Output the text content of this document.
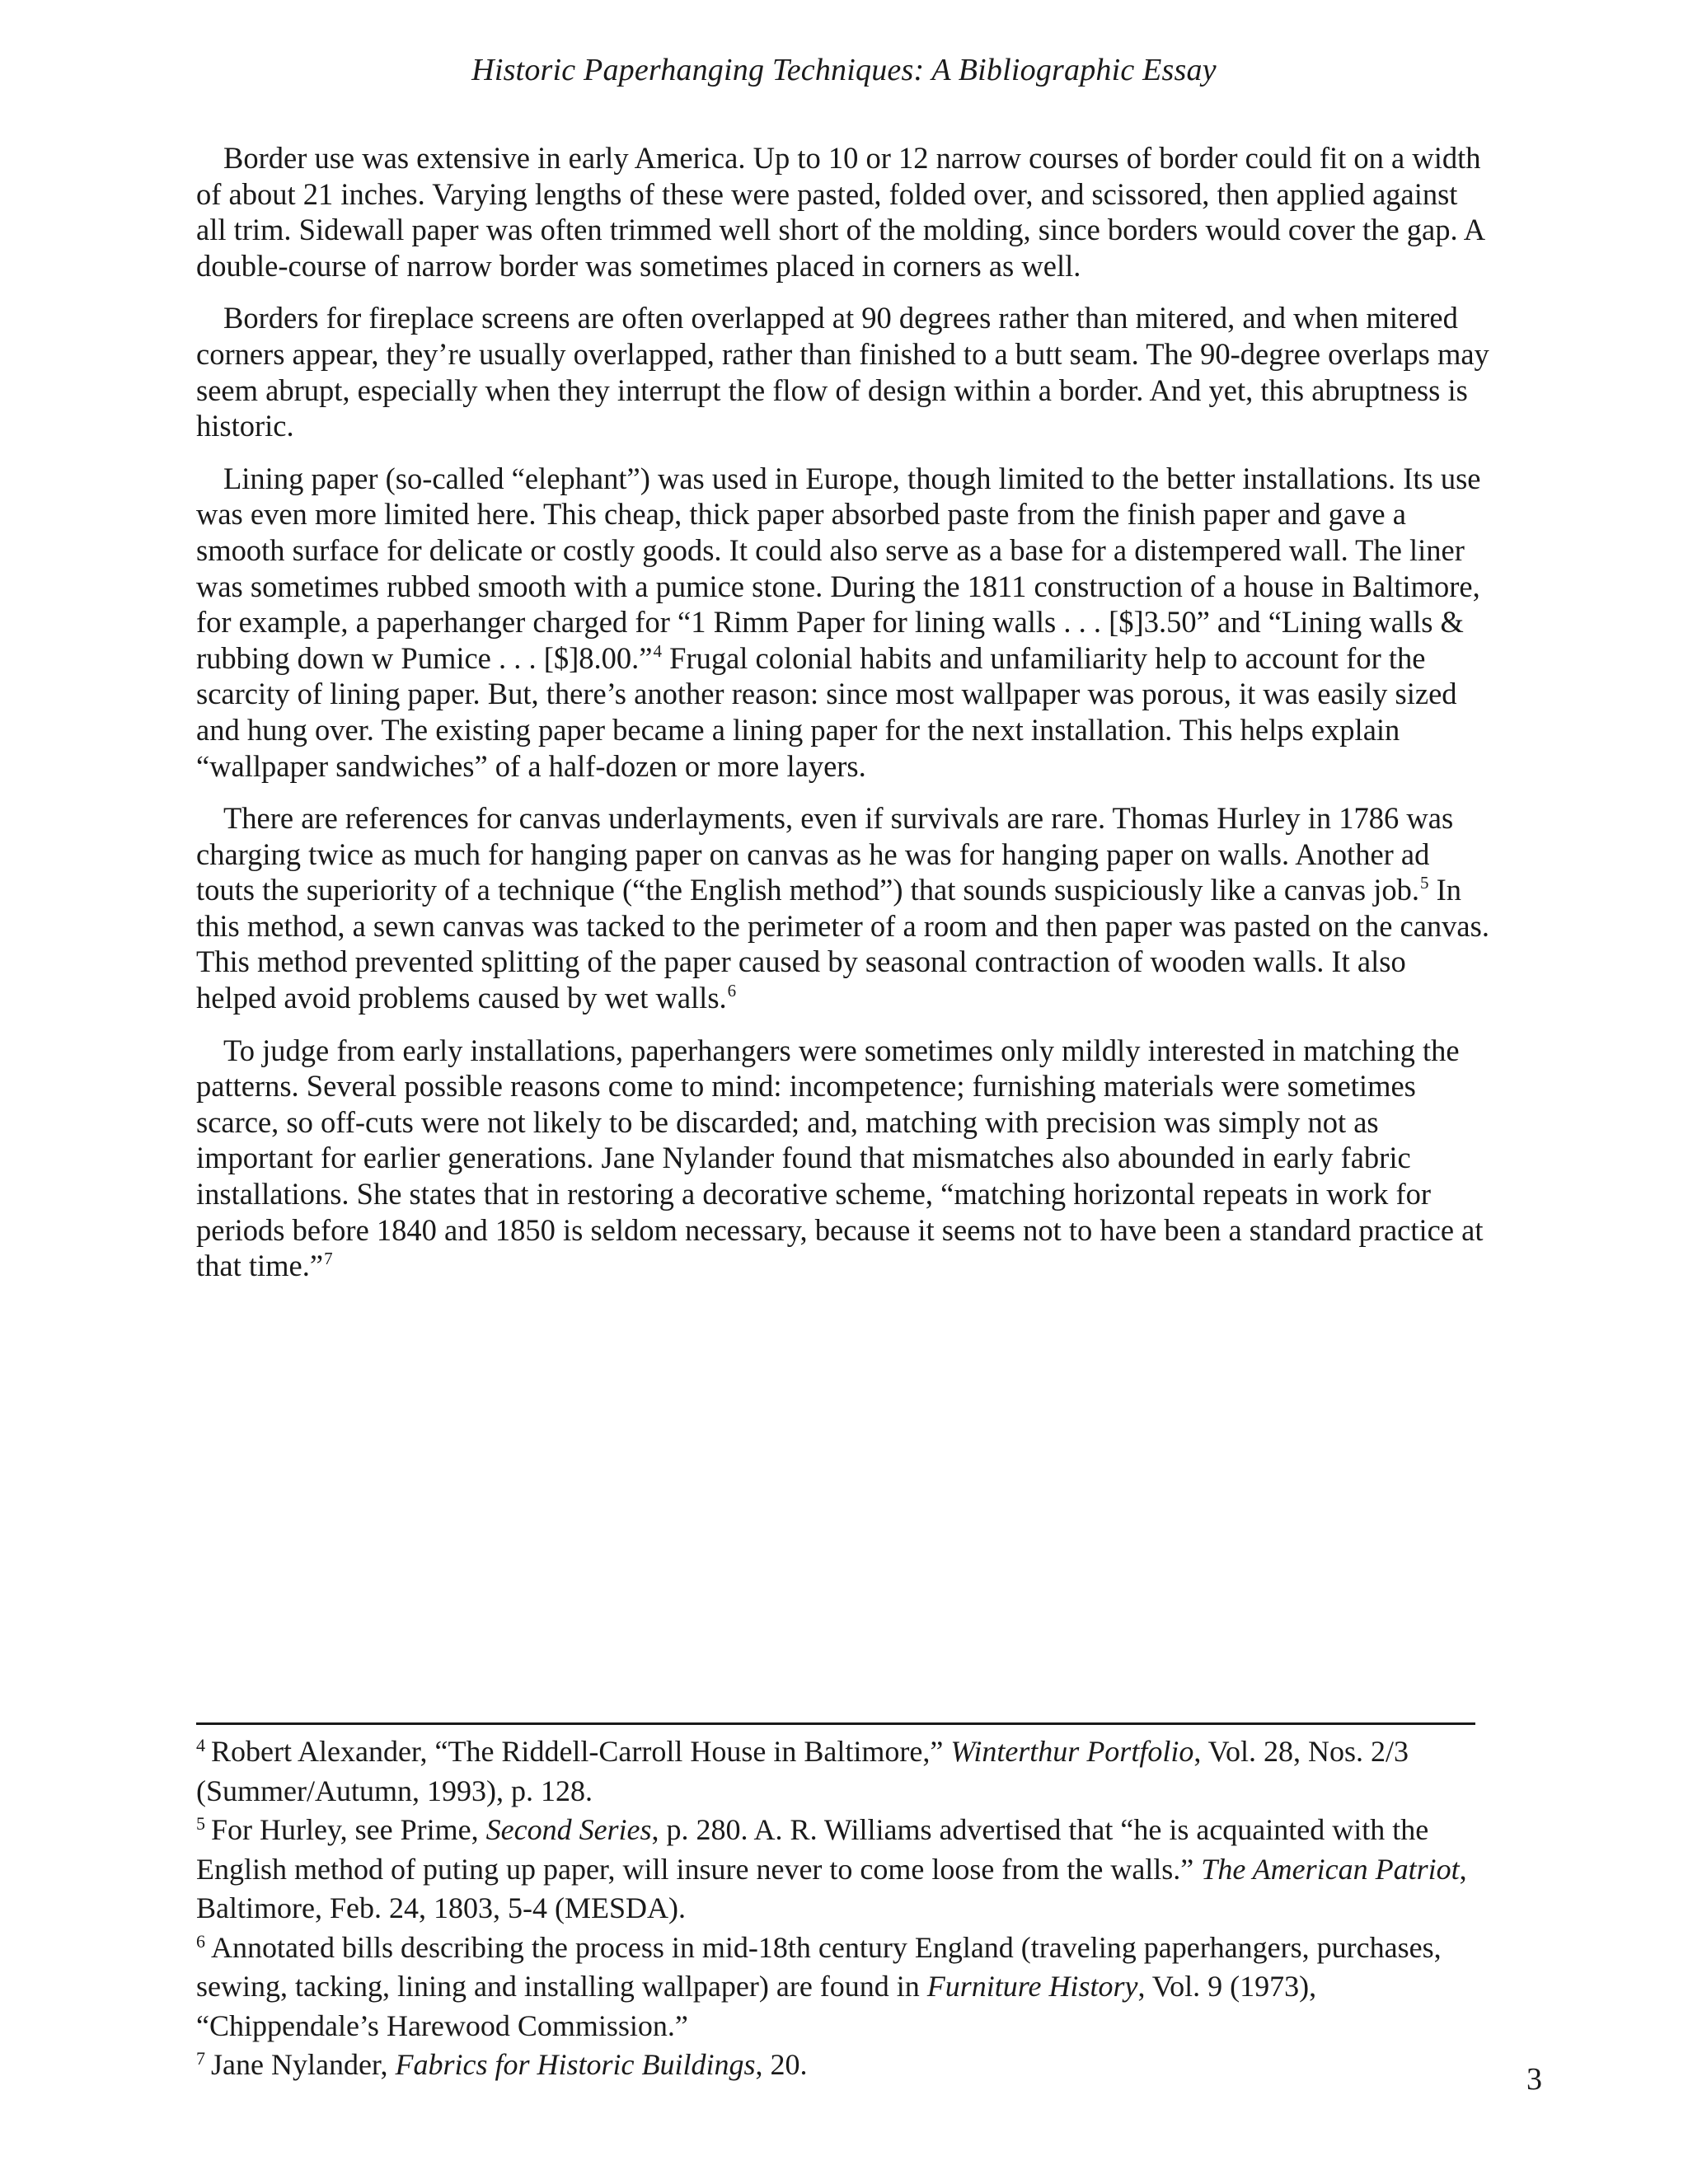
Historic Paperhanging Techniques: A Bibliographic Essay

Border use was extensive in early America. Up to 10 or 12 narrow courses of border could fit on a width of about 21 inches. Varying lengths of these were pasted, folded over, and scissored, then applied against all trim. Sidewall paper was often trimmed well short of the molding, since borders would cover the gap. A double-course of narrow border was sometimes placed in corners as well.

Borders for fireplace screens are often overlapped at 90 degrees rather than mitered, and when mitered corners appear, they’re usually overlapped, rather than finished to a butt seam. The 90-degree overlaps may seem abrupt, especially when they interrupt the flow of design within a border. And yet, this abruptness is historic.

Lining paper (so-called “elephant”) was used in Europe, though limited to the better installations. Its use was even more limited here. This cheap, thick paper absorbed paste from the finish paper and gave a smooth surface for delicate or costly goods. It could also serve as a base for a distempered wall. The liner was sometimes rubbed smooth with a pumice stone. During the 1811 construction of a house in Baltimore, for example, a paperhanger charged for “1 Rimm Paper for lining walls . . . [$]3.50” and “Lining walls & rubbing down w Pumice . . . [$]8.00.”$^4$ Frugal colonial habits and unfamiliarity help to account for the scarcity of lining paper. But, there’s another reason: since most wallpaper was porous, it was easily sized and hung over. The existing paper became a lining paper for the next installation. This helps explain “wallpaper sandwiches” of a half-dozen or more layers.

There are references for canvas underlayments, even if survivals are rare. Thomas Hurley in 1786 was charging twice as much for hanging paper on canvas as he was for hanging paper on walls. Another ad touts the superiority of a technique (“the English method”) that sounds suspiciously like a canvas job.$^5$ In this method, a sewn canvas was tacked to the perimeter of a room and then paper was pasted on the canvas. This method prevented splitting of the paper caused by seasonal contraction of wooden walls. It also helped avoid problems caused by wet walls.$^6$

To judge from early installations, paperhangers were sometimes only mildly interested in matching the patterns. Several possible reasons come to mind: incompetence; furnishing materials were sometimes scarce, so off-cuts were not likely to be discarded; and, matching with precision was simply not as important for earlier generations. Jane Nylander found that mismatches also abounded in early fabric installations. She states that in restoring a decorative scheme, “matching horizontal repeats in work for periods before 1840 and 1850 is seldom necessary, because it seems not to have been a standard practice at that time.”$^7$

$^4$ Robert Alexander, “The Riddell-Carroll House in Baltimore,” Winterthur Portfolio, Vol. 28, Nos. 2/3 (Summer/Autumn, 1993), p. 128.

$^5$ For Hurley, see Prime, Second Series, p. 280. A. R. Williams advertised that “he is acquainted with the English method of puting up paper, will insure never to come loose from the walls.” The American Patriot, Baltimore, Feb. 24, 1803, 5-4 (MESDA).

$^6$ Annotated bills describing the process in mid-18th century England (traveling paperhangers, purchases, sewing, tacking, lining and installing wallpaper) are found in Furniture History, Vol. 9 (1973), “Chippendale’s Harewood Commission.”

$^7$ Jane Nylander, Fabrics for Historic Buildings, 20.	3
